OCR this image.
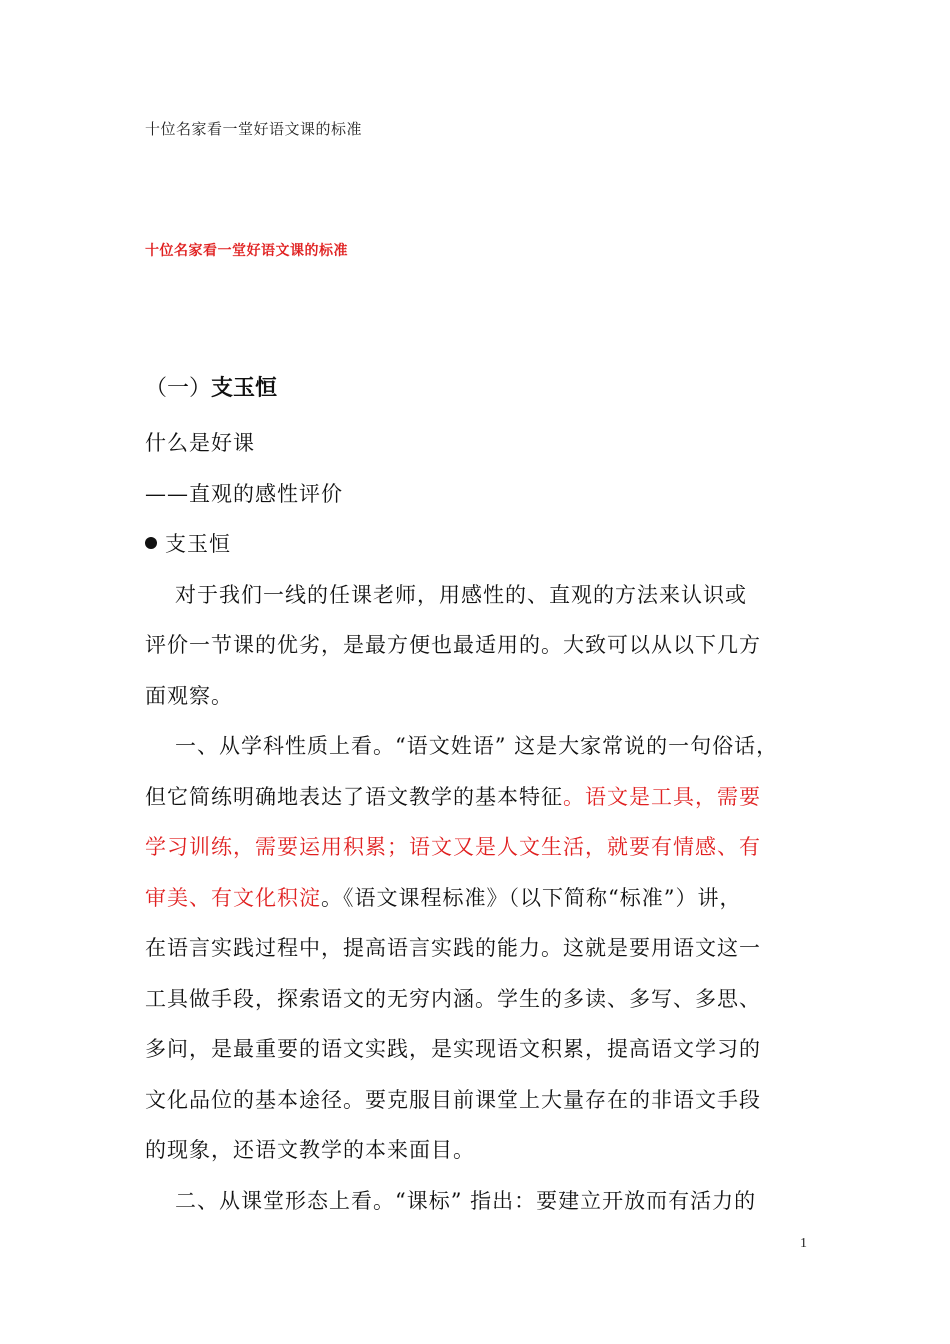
十位名家看一堂好语文课的标准
十位名家看一堂好语文课的标准
（一）支玉恒

什么是好课

——直观的感性评价

支玉恒

对于我们一线的任课老师，用感性的、直观的方法来认识或

评价一节课的优劣，是最方便也最适用的。大致可以从以下几方

面观察。

一、从学科性质上看。“语文姓语” 这是大家常说的一句俗话，

但它简练明确地表达了语文教学的基本特征。语文是工具，需要

学习训练，需要运用积累；语文又是人文生活，就要有情感、有

审美、有文化积淀。《语文课程标准》（以下简称“标准”）讲，

在语言实践过程中，提高语言实践的能力。这就是要用语文这一

工具做手段，探索语文的无穷内涵。学生的多读、多写、多思、

多问，是最重要的语文实践，是实现语文积累，提高语文学习的

文化品位的基本途径。要克服目前课堂上大量存在的非语文手段

的现象，还语文教学的本来面目。

二、从课堂形态上看。“课标” 指出：要建立开放而有活力的

1
